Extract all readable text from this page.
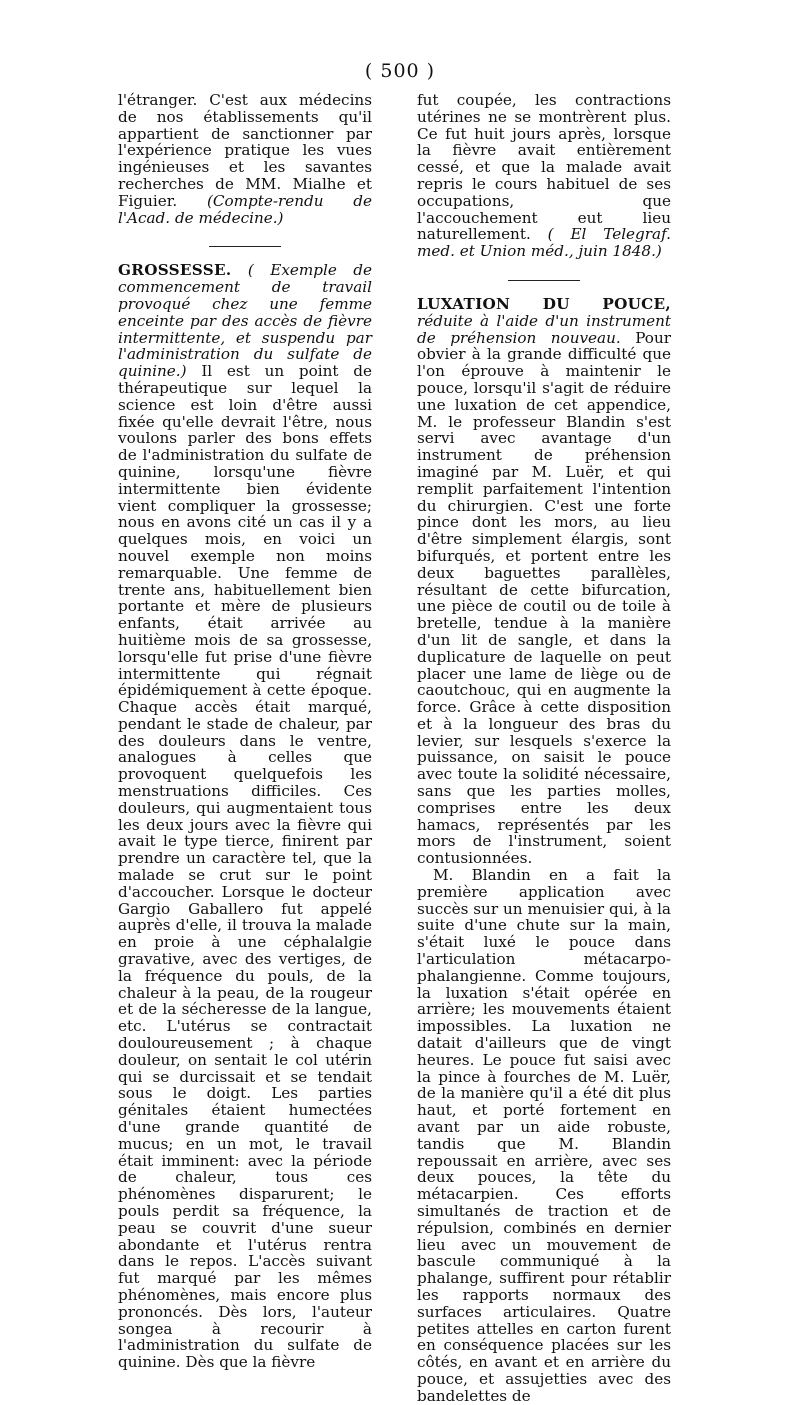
( 500 )

l'étranger. C'est aux médecins de nos établissements qu'il appartient de sanctionner par l'expérience pratique les vues ingénieuses et les savantes recherches de MM. Mialhe et Figuier. (Compte-rendu de l'Acad. de médecine.)

GROSSESSE. ( Exemple de commencement de travail provoqué chez une femme enceinte par des accès de fièvre intermittente, et suspendu par l'administration du sulfate de quinine.) Il est un point de thérapeutique sur lequel la science est loin d'être aussi fixée qu'elle devrait l'être, nous voulons parler des bons effets de l'administration du sulfate de quinine, lorsqu'une fièvre intermittente bien évidente vient compliquer la grossesse; nous en avons cité un cas il y a quelques mois, en voici un nouvel exemple non moins remarquable. Une femme de trente ans, habituellement bien portante et mère de plusieurs enfants, était arrivée au huitième mois de sa grossesse, lorsqu'elle fut prise d'une fièvre intermittente qui régnait épidémiquement à cette époque. Chaque accès était marqué, pendant le stade de chaleur, par des douleurs dans le ventre, analogues à celles que provoquent quelquefois les menstruations difficiles. Ces douleurs, qui augmentaient tous les deux jours avec la fièvre qui avait le type tierce, finirent par prendre un caractère tel, que la malade se crut sur le point d'accoucher. Lorsque le docteur Gargio Gaballero fut appelé auprès d'elle, il trouva la malade en proie à une céphalalgie gravative, avec des vertiges, de la fréquence du pouls, de la chaleur à la peau, de la rougeur et de la sécheresse de la langue, etc. L'utérus se contractait douloureusement ; à chaque douleur, on sentait le col utérin qui se durcissait et se tendait sous le doigt. Les parties génitales étaient humectées d'une grande quantité de mucus; en un mot, le travail était imminent: avec la période de chaleur, tous ces phénomènes disparurent; le pouls perdit sa fréquence, la peau se couvrit d'une sueur abondante et l'utérus rentra dans le repos. L'accès suivant fut marqué par les mêmes phénomènes, mais encore plus prononcés. Dès lors, l'auteur songea à recourir à l'administration du sulfate de quinine. Dès que la fièvre

fut coupée, les contractions utérines ne se montrèrent plus. Ce fut huit jours après, lorsque la fièvre avait entièrement cessé, et que la malade avait repris le cours habituel de ses occupations, que l'accouchement eut lieu naturellement. ( El Telegraf. med. et Union méd., juin 1848.)

LUXATION DU POUCE, réduite à l'aide d'un instrument de préhension nouveau. Pour obvier à la grande difficulté que l'on éprouve à maintenir le pouce, lorsqu'il s'agit de réduire une luxation de cet appendice, M. le professeur Blandin s'est servi avec avantage d'un instrument de préhension imaginé par M. Luër, et qui remplit parfaitement l'intention du chirurgien. C'est une forte pince dont les mors, au lieu d'être simplement élargis, sont bifurqués, et portent entre les deux baguettes parallèles, résultant de cette bifurcation, une pièce de coutil ou de toile à bretelle, tendue à la manière d'un lit de sangle, et dans la duplicature de laquelle on peut placer une lame de liège ou de caoutchouc, qui en augmente la force. Grâce à cette disposition et à la longueur des bras du levier, sur lesquels s'exerce la puissance, on saisit le pouce avec toute la solidité nécessaire, sans que les parties molles, comprises entre les deux hamacs, représentés par les mors de l'instrument, soient contusionnées.

M. Blandin en a fait la première application avec succès sur un menuisier qui, à la suite d'une chute sur la main, s'était luxé le pouce dans l'articulation métacarpo-phalangienne. Comme toujours, la luxation s'était opérée en arrière; les mouvements étaient impossibles. La luxation ne datait d'ailleurs que de vingt heures. Le pouce fut saisi avec la pince à fourches de M. Luër, de la manière qu'il a été dit plus haut, et porté fortement en avant par un aide robuste, tandis que M. Blandin repoussait en arrière, avec ses deux pouces, la tête du métacarpien. Ces efforts simultanés de traction et de répulsion, combinés en dernier lieu avec un mouvement de bascule communiqué à la phalange, suffirent pour rétablir les rapports normaux des surfaces articulaires. Quatre petites attelles en carton furent en conséquence placées sur les côtés, en avant et en arrière du pouce, et assujetties avec des bandelettes de
